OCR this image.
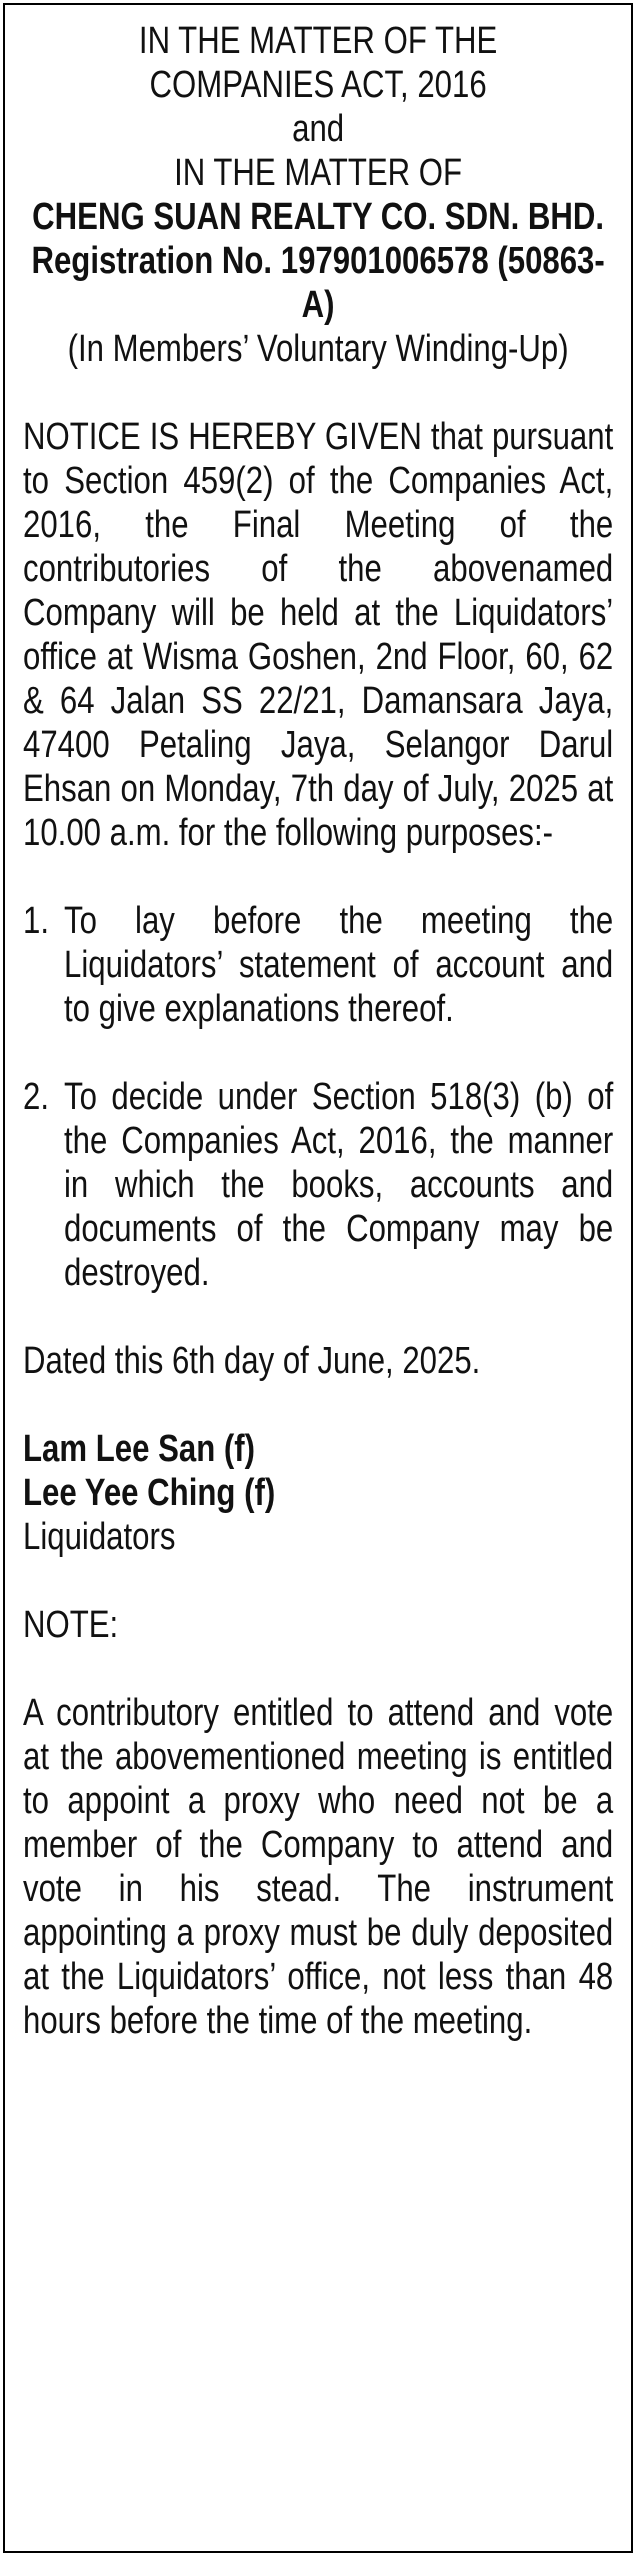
IN THE MATTER OF THE
COMPANIES ACT, 2016
and
IN THE MATTER OF
CHENG SUAN REALTY CO. SDN. BHD.
Registration No. 197901006578 (50863-A)
(In Members’ Voluntary Winding-Up)
NOTICE IS HEREBY GIVEN that pursuant to Section 459(2) of the Companies Act, 2016, the Final Meeting of the contributories of the abovenamed Company will be held at the Liquidators’ office at Wisma Goshen, 2nd Floor, 60, 62 & 64 Jalan SS 22/21, Damansara Jaya, 47400 Petaling Jaya, Selangor Darul Ehsan on Monday, 7th day of July, 2025 at 10.00 a.m. for the following purposes:-
1. To lay before the meeting the Liquidators’ statement of account and to give explanations thereof.
2. To decide under Section 518(3) (b) of the Companies Act, 2016, the manner in which the books, accounts and documents of the Company may be destroyed.
Dated this 6th day of June, 2025.
Lam Lee San (f)
Lee Yee Ching (f)
Liquidators
NOTE:
A contributory entitled to attend and vote at the abovementioned meeting is entitled to appoint a proxy who need not be a member of the Company to attend and vote in his stead. The instrument appointing a proxy must be duly deposited at the Liquidators’ office, not less than 48 hours before the time of the meeting.
